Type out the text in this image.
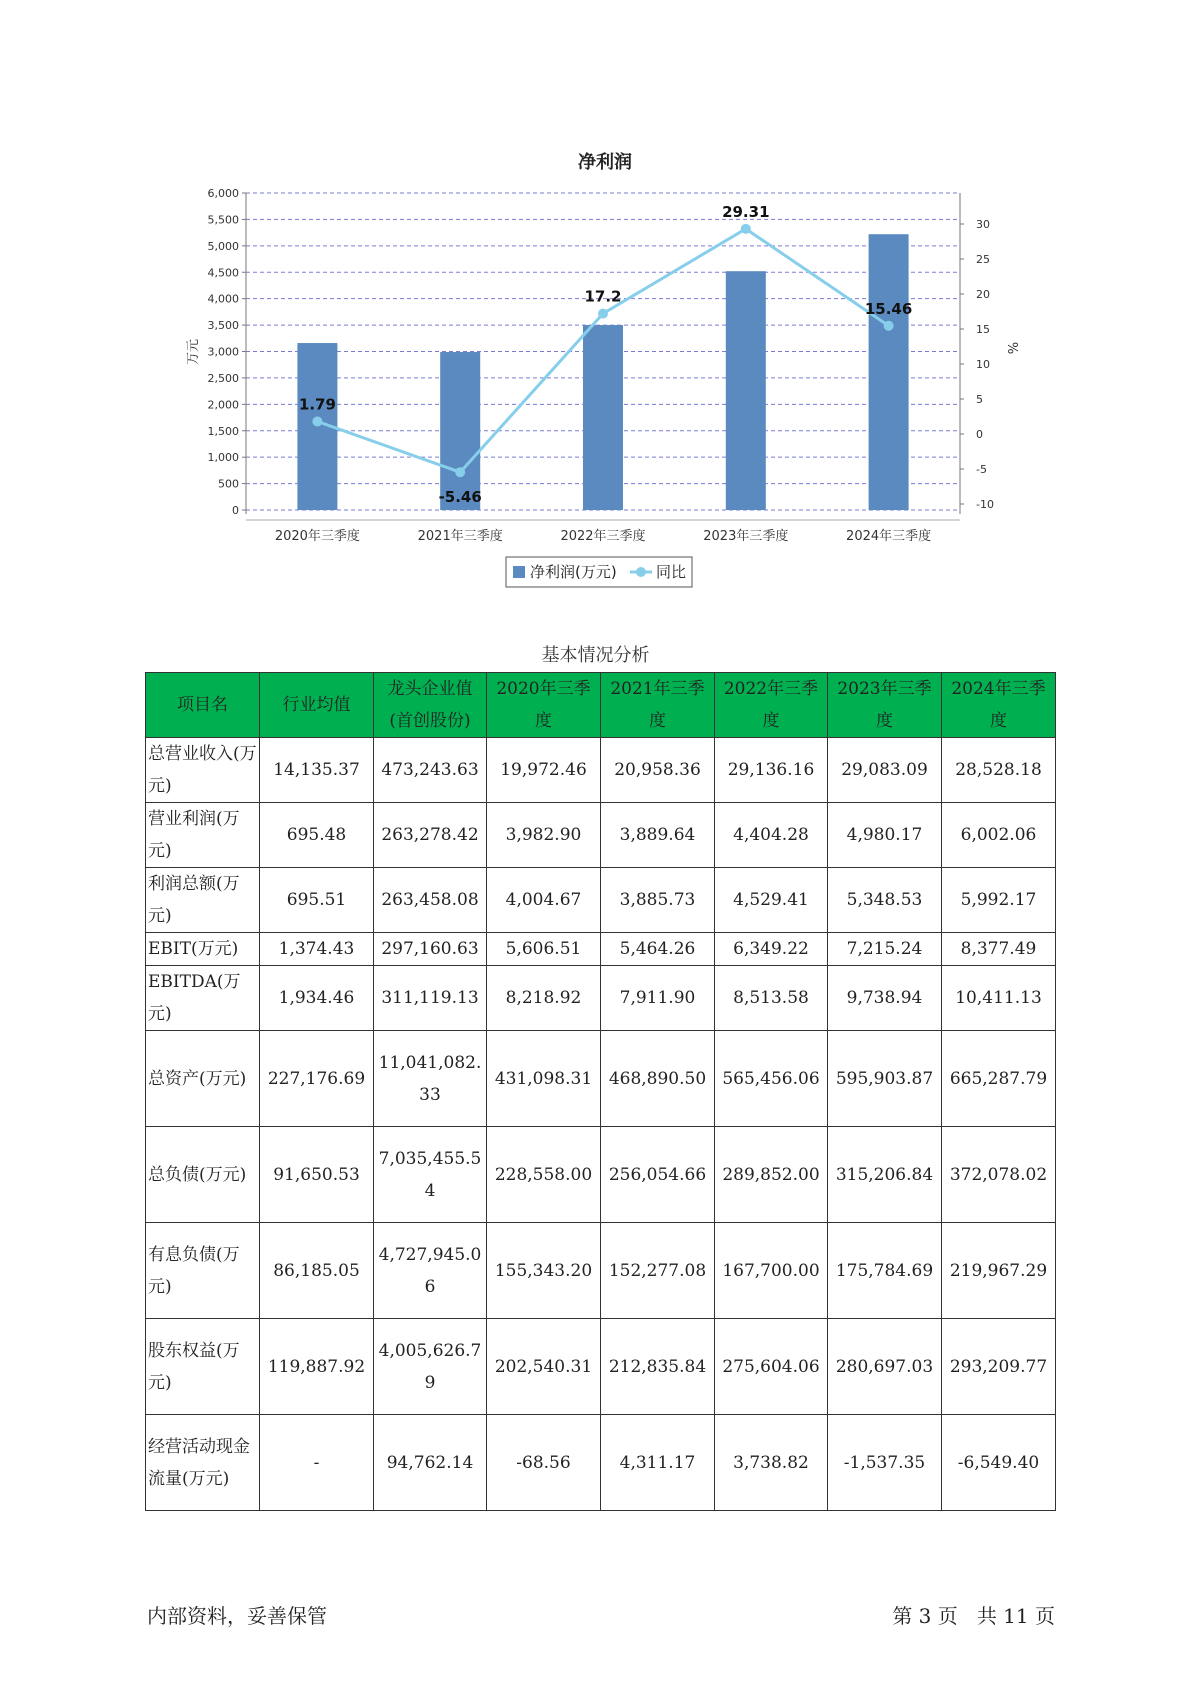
净利润
0
500
1,000
1,500
2,000
2,500
3,000
3,500
4,000
4,500
5,000
5,500
6,000
-10
-5
0
5
10
15
20
25
30
万元	%
2020年三季度	2021年三季度	2022年三季度	2023年三季度	2024年三季度
1.79
-5.46
17.2
29.31
15.46
净利润(万元)	同比
基本情况分析
项目名	行业均值	龙头企业值(首创股份)	2020年三季度	2021年三季度	2022年三季度	2023年三季度	2024年三季度
总营业收入(万元)	14,135.37	473,243.63	19,972.46	20,958.36	29,136.16	29,083.09	28,528.18
营业利润(万元)	695.48	263,278.42	3,982.90	3,889.64	4,404.28	4,980.17	6,002.06
利润总额(万元)	695.51	263,458.08	4,004.67	3,885.73	4,529.41	5,348.53	5,992.17
EBIT(万元)	1,374.43	297,160.63	5,606.51	5,464.26	6,349.22	7,215.24	8,377.49
EBITDA(万元)	1,934.46	311,119.13	8,218.92	7,911.90	8,513.58	9,738.94	10,411.13
总资产(万元)	227,176.69	11,041,082.33	431,098.31	468,890.50	565,456.06	595,903.87	665,287.79
总负债(万元)	91,650.53	7,035,455.54	228,558.00	256,054.66	289,852.00	315,206.84	372,078.02
有息负债(万元)	86,185.05	4,727,945.06	155,343.20	152,277.08	167,700.00	175,784.69	219,967.29
股东权益(万元)	119,887.92	4,005,626.79	202,540.31	212,835.84	275,604.06	280,697.03	293,209.77
经营活动现金流量(万元)	-	94,762.14	-68.56	4,311.17	3,738.82	-1,537.35	-6,549.40
内部资料，妥善保管	第 3 页   共 11 页
